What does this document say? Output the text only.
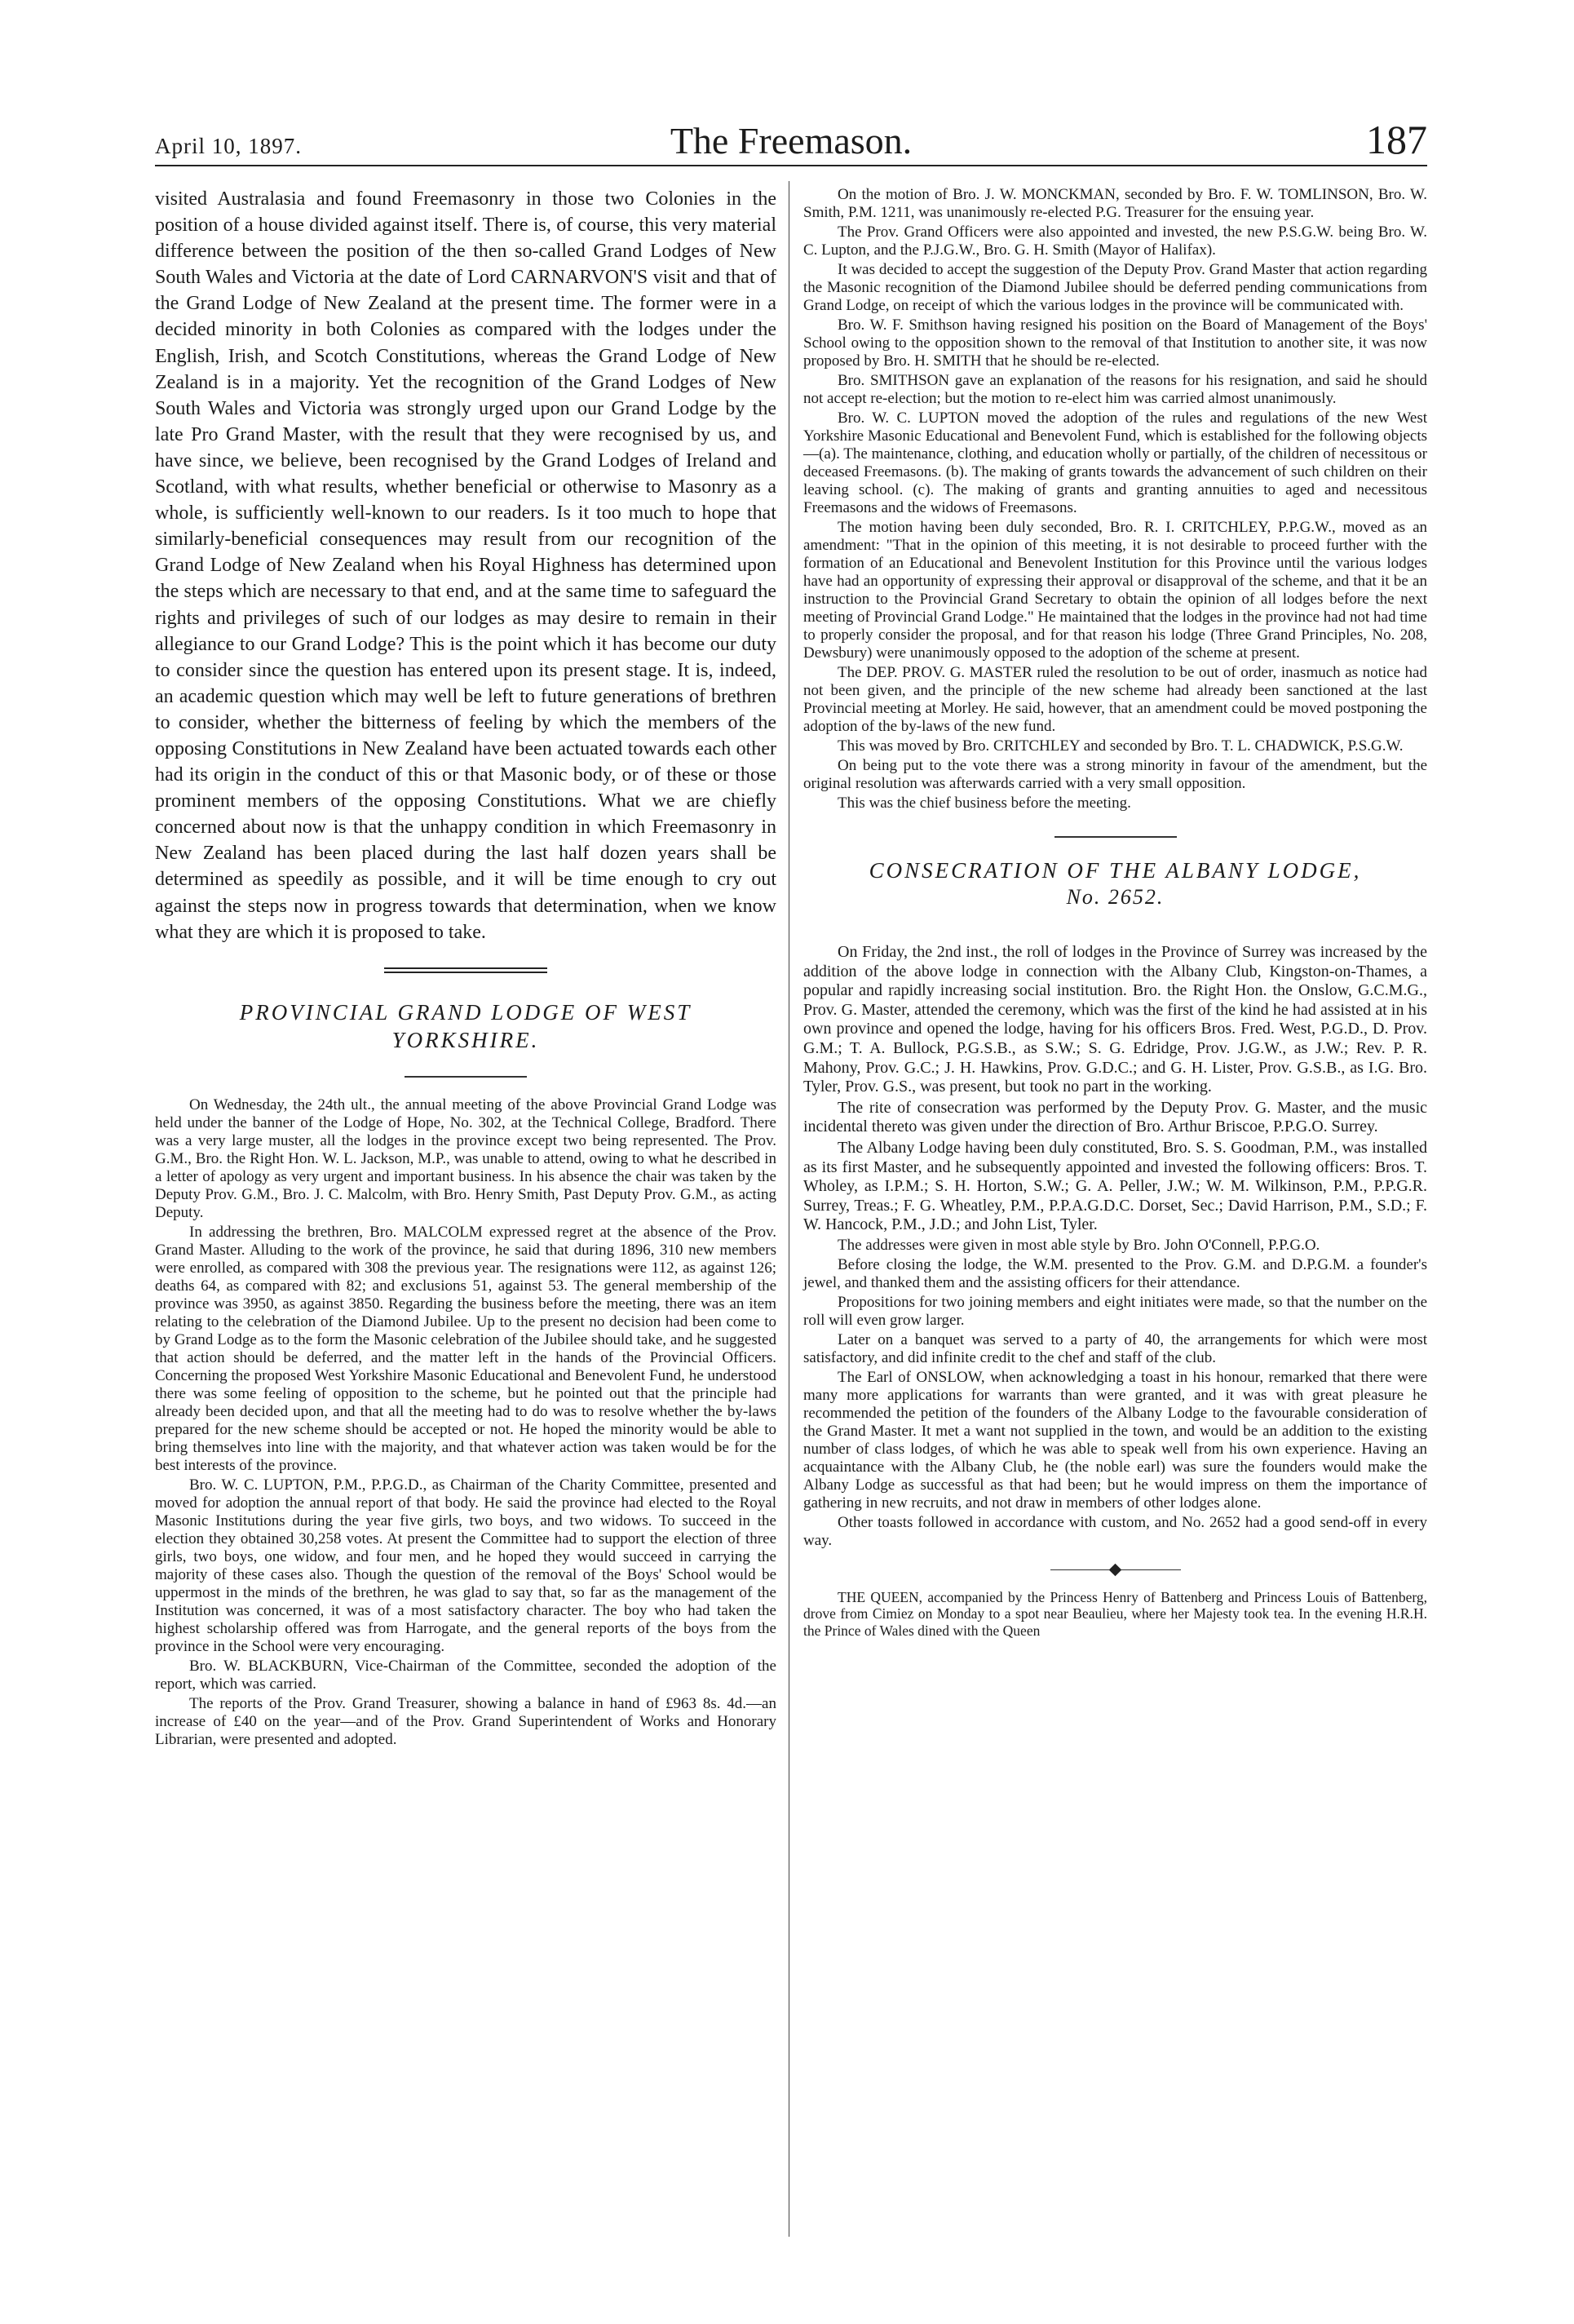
April 10, 1897.	The Freemason.	187

visited Australasia and found Freemasonry in those two Colonies in the position of a house divided against itself. There is, of course, this very material difference between the position of the then so-called Grand Lodges of New South Wales and Victoria at the date of Lord CARNARVON'S visit and that of the Grand Lodge of New Zealand at the present time. The former were in a decided minority in both Colonies as compared with the lodges under the English, Irish, and Scotch Constitutions, whereas the Grand Lodge of New Zealand is in a majority. Yet the recognition of the Grand Lodges of New South Wales and Victoria was strongly urged upon our Grand Lodge by the late Pro Grand Master, with the result that they were recognised by us, and have since, we believe, been recognised by the Grand Lodges of Ireland and Scotland, with what results, whether beneficial or otherwise to Masonry as a whole, is sufficiently well-known to our readers. Is it too much to hope that similarly-beneficial consequences may result from our recognition of the Grand Lodge of New Zealand when his Royal Highness has determined upon the steps which are necessary to that end, and at the same time to safeguard the rights and privileges of such of our lodges as may desire to remain in their allegiance to our Grand Lodge? This is the point which it has become our duty to consider since the question has entered upon its present stage. It is, indeed, an academic question which may well be left to future generations of brethren to consider, whether the bitterness of feeling by which the members of the opposing Constitutions in New Zealand have been actuated towards each other had its origin in the conduct of this or that Masonic body, or of these or those prominent members of the opposing Constitutions. What we are chiefly concerned about now is that the unhappy condition in which Freemasonry in New Zealand has been placed during the last half dozen years shall be determined as speedily as possible, and it will be time enough to cry out against the steps now in progress towards that determination, when we know what they are which it is proposed to take.

PROVINCIAL GRAND LODGE OF WEST

YORKSHIRE.

On Wednesday, the 24th ult., the annual meeting of the above Provincial Grand Lodge was held under the banner of the Lodge of Hope, No. 302, at the Technical College, Bradford. There was a very large muster, all the lodges in the province except two being represented. The Prov. G.M., Bro. the Right Hon. W. L. Jackson, M.P., was unable to attend, owing to what he described in a letter of apology as very urgent and important business. In his absence the chair was taken by the Deputy Prov. G.M., Bro. J. C. Malcolm, with Bro. Henry Smith, Past Deputy Prov. G.M., as acting Deputy.

In addressing the brethren, Bro. MALCOLM expressed regret at the absence of the Prov. Grand Master. Alluding to the work of the province, he said that during 1896, 310 new members were enrolled, as compared with 308 the previous year. The resignations were 112, as against 126; deaths 64, as compared with 82; and exclusions 51, against 53. The general membership of the province was 3950, as against 3850. Regarding the business before the meeting, there was an item relating to the celebration of the Diamond Jubilee. Up to the present no decision had been come to by Grand Lodge as to the form the Masonic celebration of the Jubilee should take, and he suggested that action should be deferred, and the matter left in the hands of the Provincial Officers. Concerning the proposed West Yorkshire Masonic Educational and Benevolent Fund, he understood there was some feeling of opposition to the scheme, but he pointed out that the principle had already been decided upon, and that all the meeting had to do was to resolve whether the by-laws prepared for the new scheme should be accepted or not. He hoped the minority would be able to bring themselves into line with the majority, and that whatever action was taken would be for the best interests of the province.

Bro. W. C. LUPTON, P.M., P.P.G.D., as Chairman of the Charity Committee, presented and moved for adoption the annual report of that body. He said the province had elected to the Royal Masonic Institutions during the year five girls, two boys, and two widows. To succeed in the election they obtained 30,258 votes. At present the Committee had to support the election of three girls, two boys, one widow, and four men, and he hoped they would succeed in carrying the majority of these cases also. Though the question of the removal of the Boys' School would be uppermost in the minds of the brethren, he was glad to say that, so far as the management of the Institution was concerned, it was of a most satisfactory character. The boy who had taken the highest scholarship offered was from Harrogate, and the general reports of the boys from the province in the School were very encouraging.

Bro. W. BLACKBURN, Vice-Chairman of the Committee, seconded the adoption of the report, which was carried.

The reports of the Prov. Grand Treasurer, showing a balance in hand of £963 8s. 4d.—an increase of £40 on the year—and of the Prov. Grand Superintendent of Works and Honorary Librarian, were presented and adopted.

On the motion of Bro. J. W. MONCKMAN, seconded by Bro. F. W. TOMLINSON, Bro. W. Smith, P.M. 1211, was unanimously re-elected P.G. Treasurer for the ensuing year.

The Prov. Grand Officers were also appointed and invested, the new P.S.G.W. being Bro. W. C. Lupton, and the P.J.G.W., Bro. G. H. Smith (Mayor of Halifax).

It was decided to accept the suggestion of the Deputy Prov. Grand Master that action regarding the Masonic recognition of the Diamond Jubilee should be deferred pending communications from Grand Lodge, on receipt of which the various lodges in the province will be communicated with.

Bro. W. F. Smithson having resigned his position on the Board of Management of the Boys' School owing to the opposition shown to the removal of that Institution to another site, it was now proposed by Bro. H. SMITH that he should be re-elected.

Bro. SMITHSON gave an explanation of the reasons for his resignation, and said he should not accept re-election; but the motion to re-elect him was carried almost unanimously.

Bro. W. C. LUPTON moved the adoption of the rules and regulations of the new West Yorkshire Masonic Educational and Benevolent Fund, which is established for the following objects—(a). The maintenance, clothing, and education wholly or partially, of the children of necessitous or deceased Freemasons. (b). The making of grants towards the advancement of such children on their leaving school. (c). The making of grants and granting annuities to aged and necessitous Freemasons and the widows of Freemasons.

The motion having been duly seconded, Bro. R. I. CRITCHLEY, P.P.G.W., moved as an amendment: "That in the opinion of this meeting, it is not desirable to proceed further with the formation of an Educational and Benevolent Institution for this Province until the various lodges have had an opportunity of expressing their approval or disapproval of the scheme, and that it be an instruction to the Provincial Grand Secretary to obtain the opinion of all lodges before the next meeting of Provincial Grand Lodge." He maintained that the lodges in the province had not had time to properly consider the proposal, and for that reason his lodge (Three Grand Principles, No. 208, Dewsbury) were unanimously opposed to the adoption of the scheme at present.

The DEP. PROV. G. MASTER ruled the resolution to be out of order, inasmuch as notice had not been given, and the principle of the new scheme had already been sanctioned at the last Provincial meeting at Morley. He said, however, that an amendment could be moved postponing the adoption of the by-laws of the new fund.

This was moved by Bro. CRITCHLEY and seconded by Bro. T. L. CHADWICK, P.S.G.W.

On being put to the vote there was a strong minority in favour of the amendment, but the original resolution was afterwards carried with a very small opposition.

This was the chief business before the meeting.

CONSECRATION OF THE ALBANY LODGE,

No. 2652.

On Friday, the 2nd inst., the roll of lodges in the Province of Surrey was increased by the addition of the above lodge in connection with the Albany Club, Kingston-on-Thames, a popular and rapidly increasing social institution. Bro. the Right Hon. the Onslow, G.C.M.G., Prov. G. Master, attended the ceremony, which was the first of the kind he had assisted at in his own province and opened the lodge, having for his officers Bros. Fred. West, P.G.D., D. Prov. G.M.; T. A. Bullock, P.G.S.B., as S.W.; S. G. Edridge, Prov. J.G.W., as J.W.; Rev. P. R. Mahony, Prov. G.C.; J. H. Hawkins, Prov. G.D.C.; and G. H. Lister, Prov. G.S.B., as I.G. Bro. Tyler, Prov. G.S., was present, but took no part in the working.

The rite of consecration was performed by the Deputy Prov. G. Master, and the music incidental thereto was given under the direction of Bro. Arthur Briscoe, P.P.G.O. Surrey.

The Albany Lodge having been duly constituted, Bro. S. S. Goodman, P.M., was installed as its first Master, and he subsequently appointed and invested the following officers: Bros. T. Wholey, as I.P.M.; S. H. Horton, S.W.; G. A. Peller, J.W.; W. M. Wilkinson, P.M., P.P.G.R. Surrey, Treas.; F. G. Wheatley, P.M., P.P.A.G.D.C. Dorset, Sec.; David Harrison, P.M., S.D.; F. W. Hancock, P.M., J.D.; and John List, Tyler.

The addresses were given in most able style by Bro. John O'Connell, P.P.G.O.

Before closing the lodge, the W.M. presented to the Prov. G.M. and D.P.G.M. a founder's jewel, and thanked them and the assisting officers for their attendance.

Propositions for two joining members and eight initiates were made, so that the number on the roll will even grow larger.

Later on a banquet was served to a party of 40, the arrangements for which were most satisfactory, and did infinite credit to the chef and staff of the club.

The Earl of ONSLOW, when acknowledging a toast in his honour, remarked that there were many more applications for warrants than were granted, and it was with great pleasure he recommended the petition of the founders of the Albany Lodge to the favourable consideration of the Grand Master. It met a want not supplied in the town, and would be an addition to the existing number of class lodges, of which he was able to speak well from his own experience. Having an acquaintance with the Albany Club, he (the noble earl) was sure the founders would make the Albany Lodge as successful as that had been; but he would impress on them the importance of gathering in new recruits, and not draw in members of other lodges alone.

Other toasts followed in accordance with custom, and No. 2652 had a good send-off in every way.

THE QUEEN, accompanied by the Princess Henry of Battenberg and Princess Louis of Battenberg, drove from Cimiez on Monday to a spot near Beaulieu, where her Majesty took tea. In the evening H.R.H. the Prince of Wales dined with the Queen
